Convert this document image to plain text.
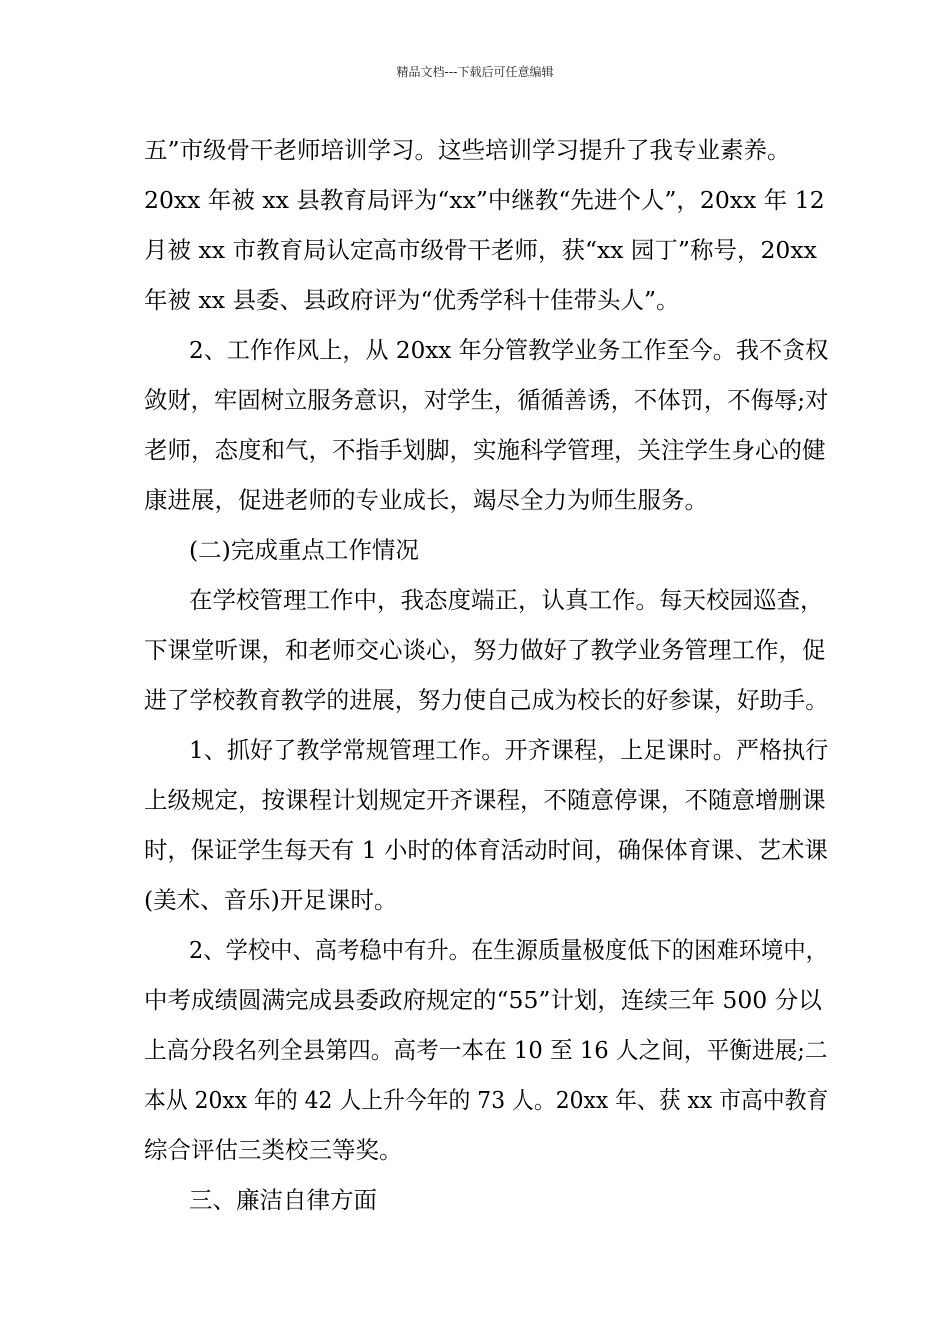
精品文档---下载后可任意编辑
五”市级骨干老师培训学习。这些培训学习提升了我专业素养。
20xx 年被 xx 县教育局评为“xx”中继教“先进个人”，20xx 年 12
月被 xx 市教育局认定高市级骨干老师，获“xx 园丁”称号，20xx
年被 xx 县委、县政府评为“优秀学科十佳带头人”。
2、工作作风上，从 20xx 年分管教学业务工作至今。我不贪权
敛财，牢固树立服务意识，对学生，循循善诱，不体罚，不侮辱;对
老师，态度和气，不指手划脚，实施科学管理，关注学生身心的健
康进展，促进老师的专业成长，竭尽全力为师生服务。
(二)完成重点工作情况
在学校管理工作中，我态度端正，认真工作。每天校园巡查，
下课堂听课，和老师交心谈心，努力做好了教学业务管理工作，促
进了学校教育教学的进展，努力使自己成为校长的好参谋，好助手。
1、抓好了教学常规管理工作。开齐课程，上足课时。严格执行
上级规定，按课程计划规定开齐课程，不随意停课，不随意增删课
时，保证学生每天有 1 小时的体育活动时间，确保体育课、艺术课
(美术、音乐)开足课时。
2、学校中、高考稳中有升。在生源质量极度低下的困难环境中，
中考成绩圆满完成县委政府规定的“55”计划，连续三年 500 分以
上高分段名列全县第四。高考一本在 10 至 16 人之间，平衡进展;二
本从 20xx 年的 42 人上升今年的 73 人。20xx 年、获 xx 市高中教育
综合评估三类校三等奖。
三、廉洁自律方面
